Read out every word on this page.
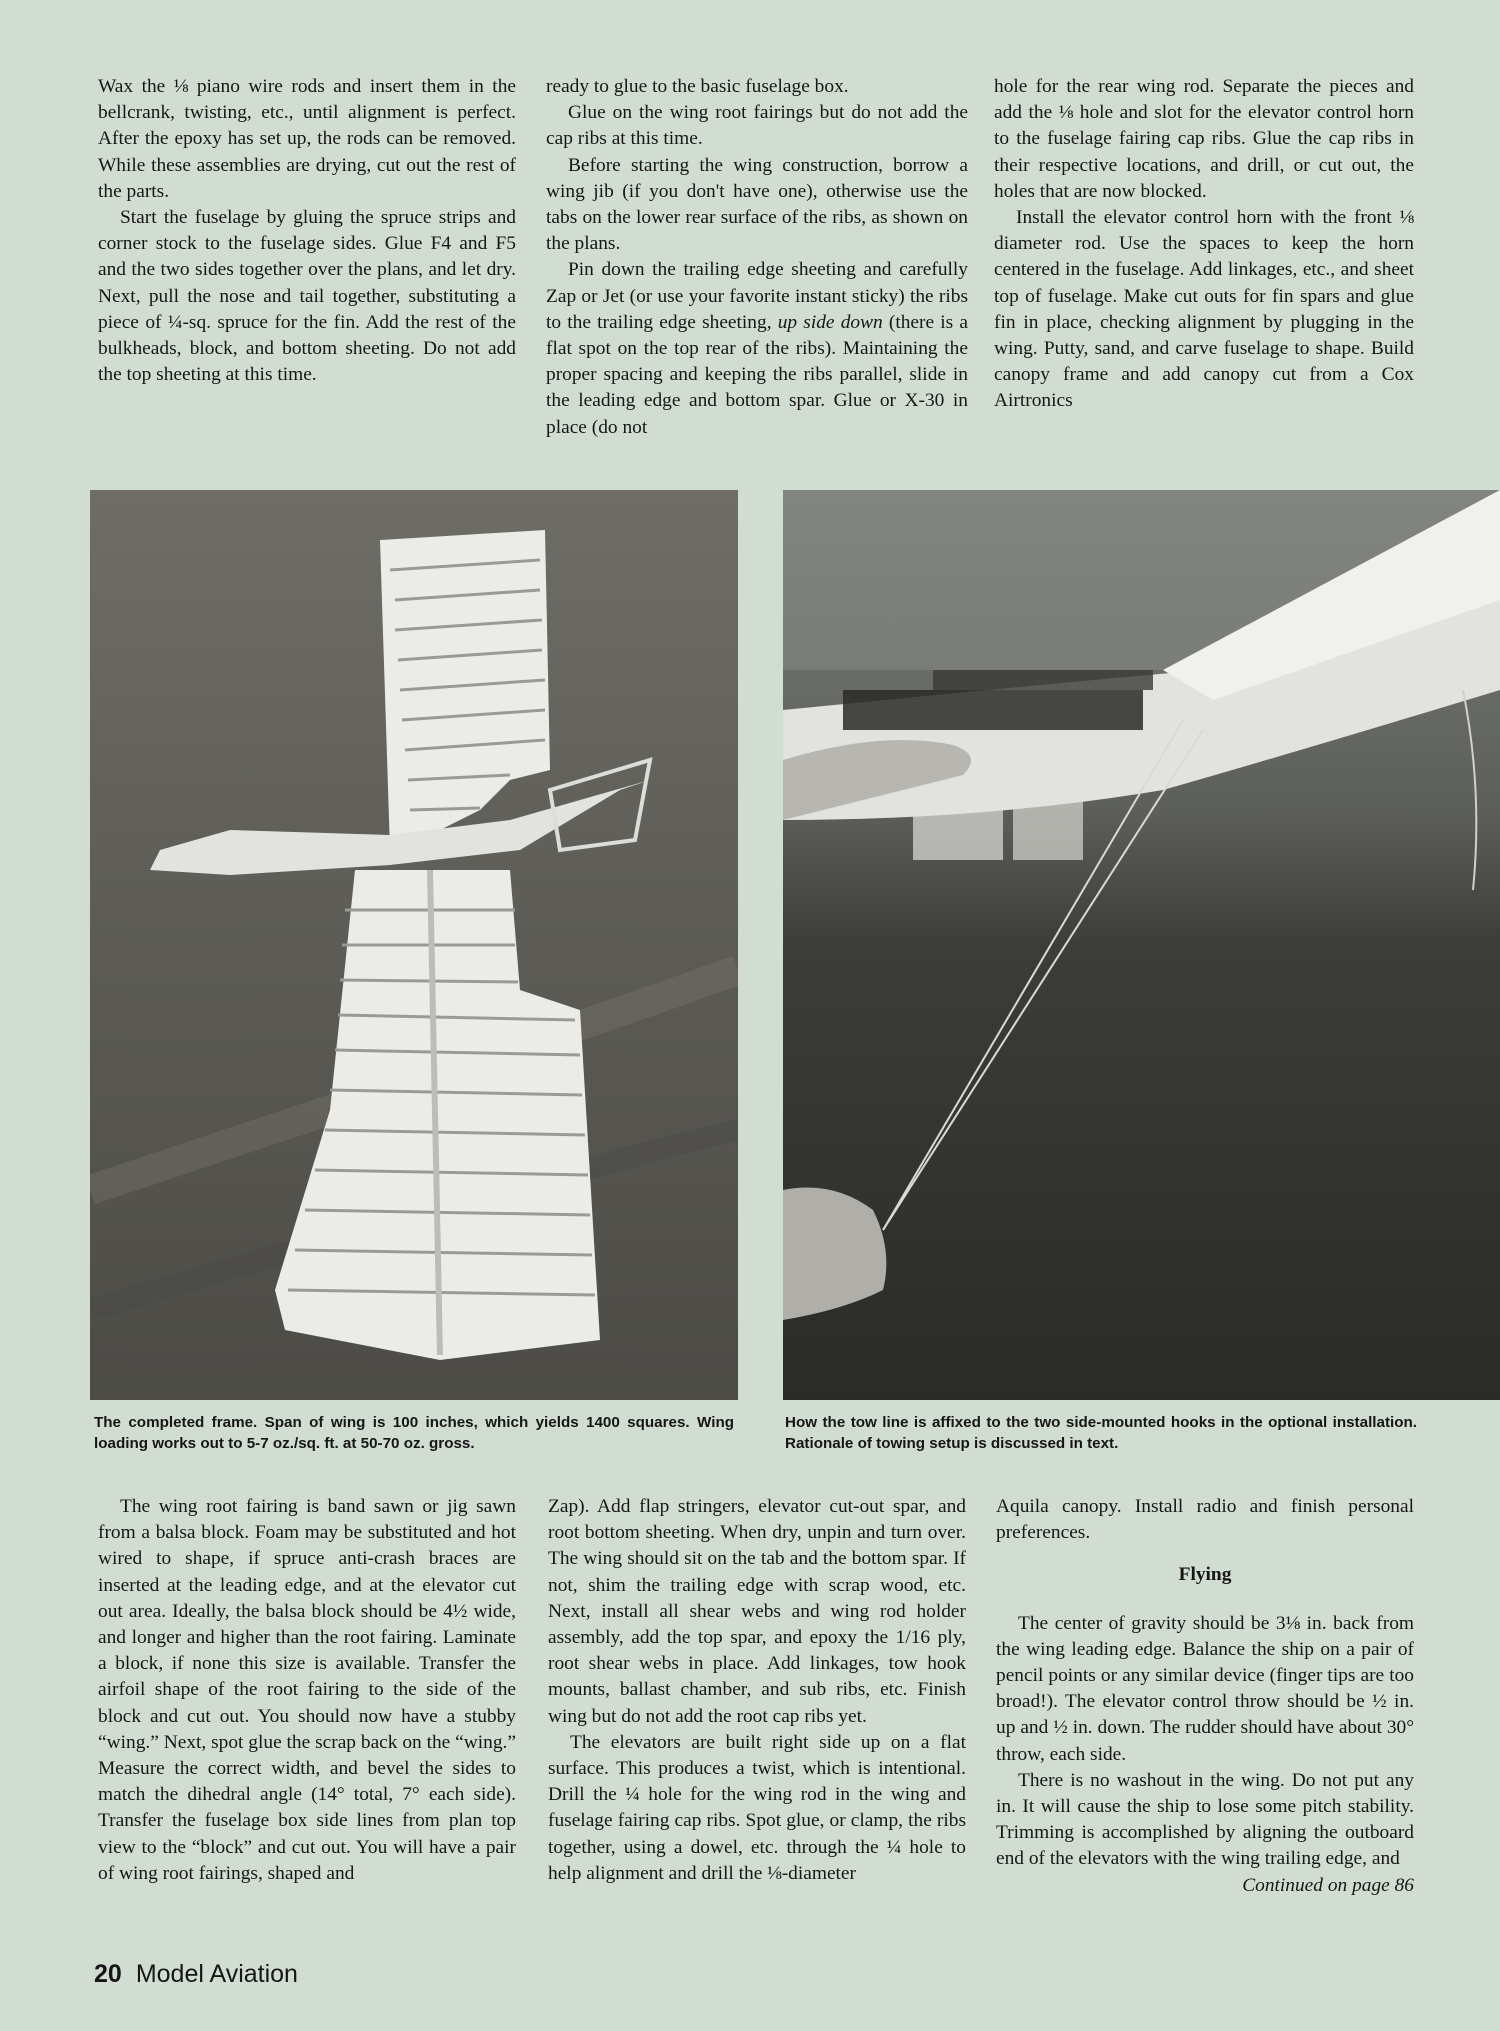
Wax the ⅛ piano wire rods and insert them in the bellcrank, twisting, etc., until alignment is perfect. After the epoxy has set up, the rods can be removed. While these assemblies are drying, cut out the rest of the parts.

Start the fuselage by gluing the spruce strips and corner stock to the fuselage sides. Glue F4 and F5 and the two sides together over the plans, and let dry. Next, pull the nose and tail together, substituting a piece of ¼-sq. spruce for the fin. Add the rest of the bulkheads, block, and bottom sheeting. Do not add the top sheeting at this time.

ready to glue to the basic fuselage box.

Glue on the wing root fairings but do not add the cap ribs at this time.

Before starting the wing construction, borrow a wing jib (if you don't have one), otherwise use the tabs on the lower rear surface of the ribs, as shown on the plans.

Pin down the trailing edge sheeting and carefully Zap or Jet (or use your favorite instant sticky) the ribs to the trailing edge sheeting, up side down (there is a flat spot on the top rear of the ribs). Maintaining the proper spacing and keeping the ribs parallel, slide in the leading edge and bottom spar. Glue or X-30 in place (do not

hole for the rear wing rod. Separate the pieces and add the ⅛ hole and slot for the elevator control horn to the fuselage fairing cap ribs. Glue the cap ribs in their respective locations, and drill, or cut out, the holes that are now blocked.

Install the elevator control horn with the front ⅛ diameter rod. Use the spaces to keep the horn centered in the fuselage. Add linkages, etc., and sheet top of fuselage. Make cut outs for fin spars and glue fin in place, checking alignment by plugging in the wing. Putty, sand, and carve fuselage to shape. Build canopy frame and add canopy cut from a Cox Airtronics

The completed frame. Span of wing is 100 inches, which yields 1400 squares. Wing loading works out to 5-7 oz./sq. ft. at 50-70 oz. gross.
How the tow line is affixed to the two side-mounted hooks in the optional installation. Rationale of towing setup is discussed in text.

The wing root fairing is band sawn or jig sawn from a balsa block. Foam may be substituted and hot wired to shape, if spruce anti-crash braces are inserted at the leading edge, and at the elevator cut out area. Ideally, the balsa block should be 4½ wide, and longer and higher than the root fairing. Laminate a block, if none this size is available. Transfer the airfoil shape of the root fairing to the side of the block and cut out. You should now have a stubby “wing.” Next, spot glue the scrap back on the “wing.” Measure the correct width, and bevel the sides to match the dihedral angle (14° total, 7° each side). Transfer the fuselage box side lines from plan top view to the “block” and cut out. You will have a pair of wing root fairings, shaped and

Zap). Add flap stringers, elevator cut-out spar, and root bottom sheeting. When dry, unpin and turn over. The wing should sit on the tab and the bottom spar. If not, shim the trailing edge with scrap wood, etc. Next, install all shear webs and wing rod holder assembly, add the top spar, and epoxy the 1/16 ply, root shear webs in place. Add linkages, tow hook mounts, ballast chamber, and sub ribs, etc. Finish wing but do not add the root cap ribs yet.

The elevators are built right side up on a flat surface. This produces a twist, which is intentional. Drill the ¼ hole for the wing rod in the wing and fuselage fairing cap ribs. Spot glue, or clamp, the ribs together, using a dowel, etc. through the ¼ hole to help alignment and drill the ⅛-diameter

Aquila canopy. Install radio and finish personal preferences.

Flying

The center of gravity should be 3⅛ in. back from the wing leading edge. Balance the ship on a pair of pencil points or any similar device (finger tips are too broad!). The elevator control throw should be ½ in. up and ½ in. down. The rudder should have about 30° throw, each side.

There is no washout in the wing. Do not put any in. It will cause the ship to lose some pitch stability. Trimming is accomplished by aligning the outboard end of the elevators with the wing trailing edge, and

Continued on page 86

20 Model Aviation
